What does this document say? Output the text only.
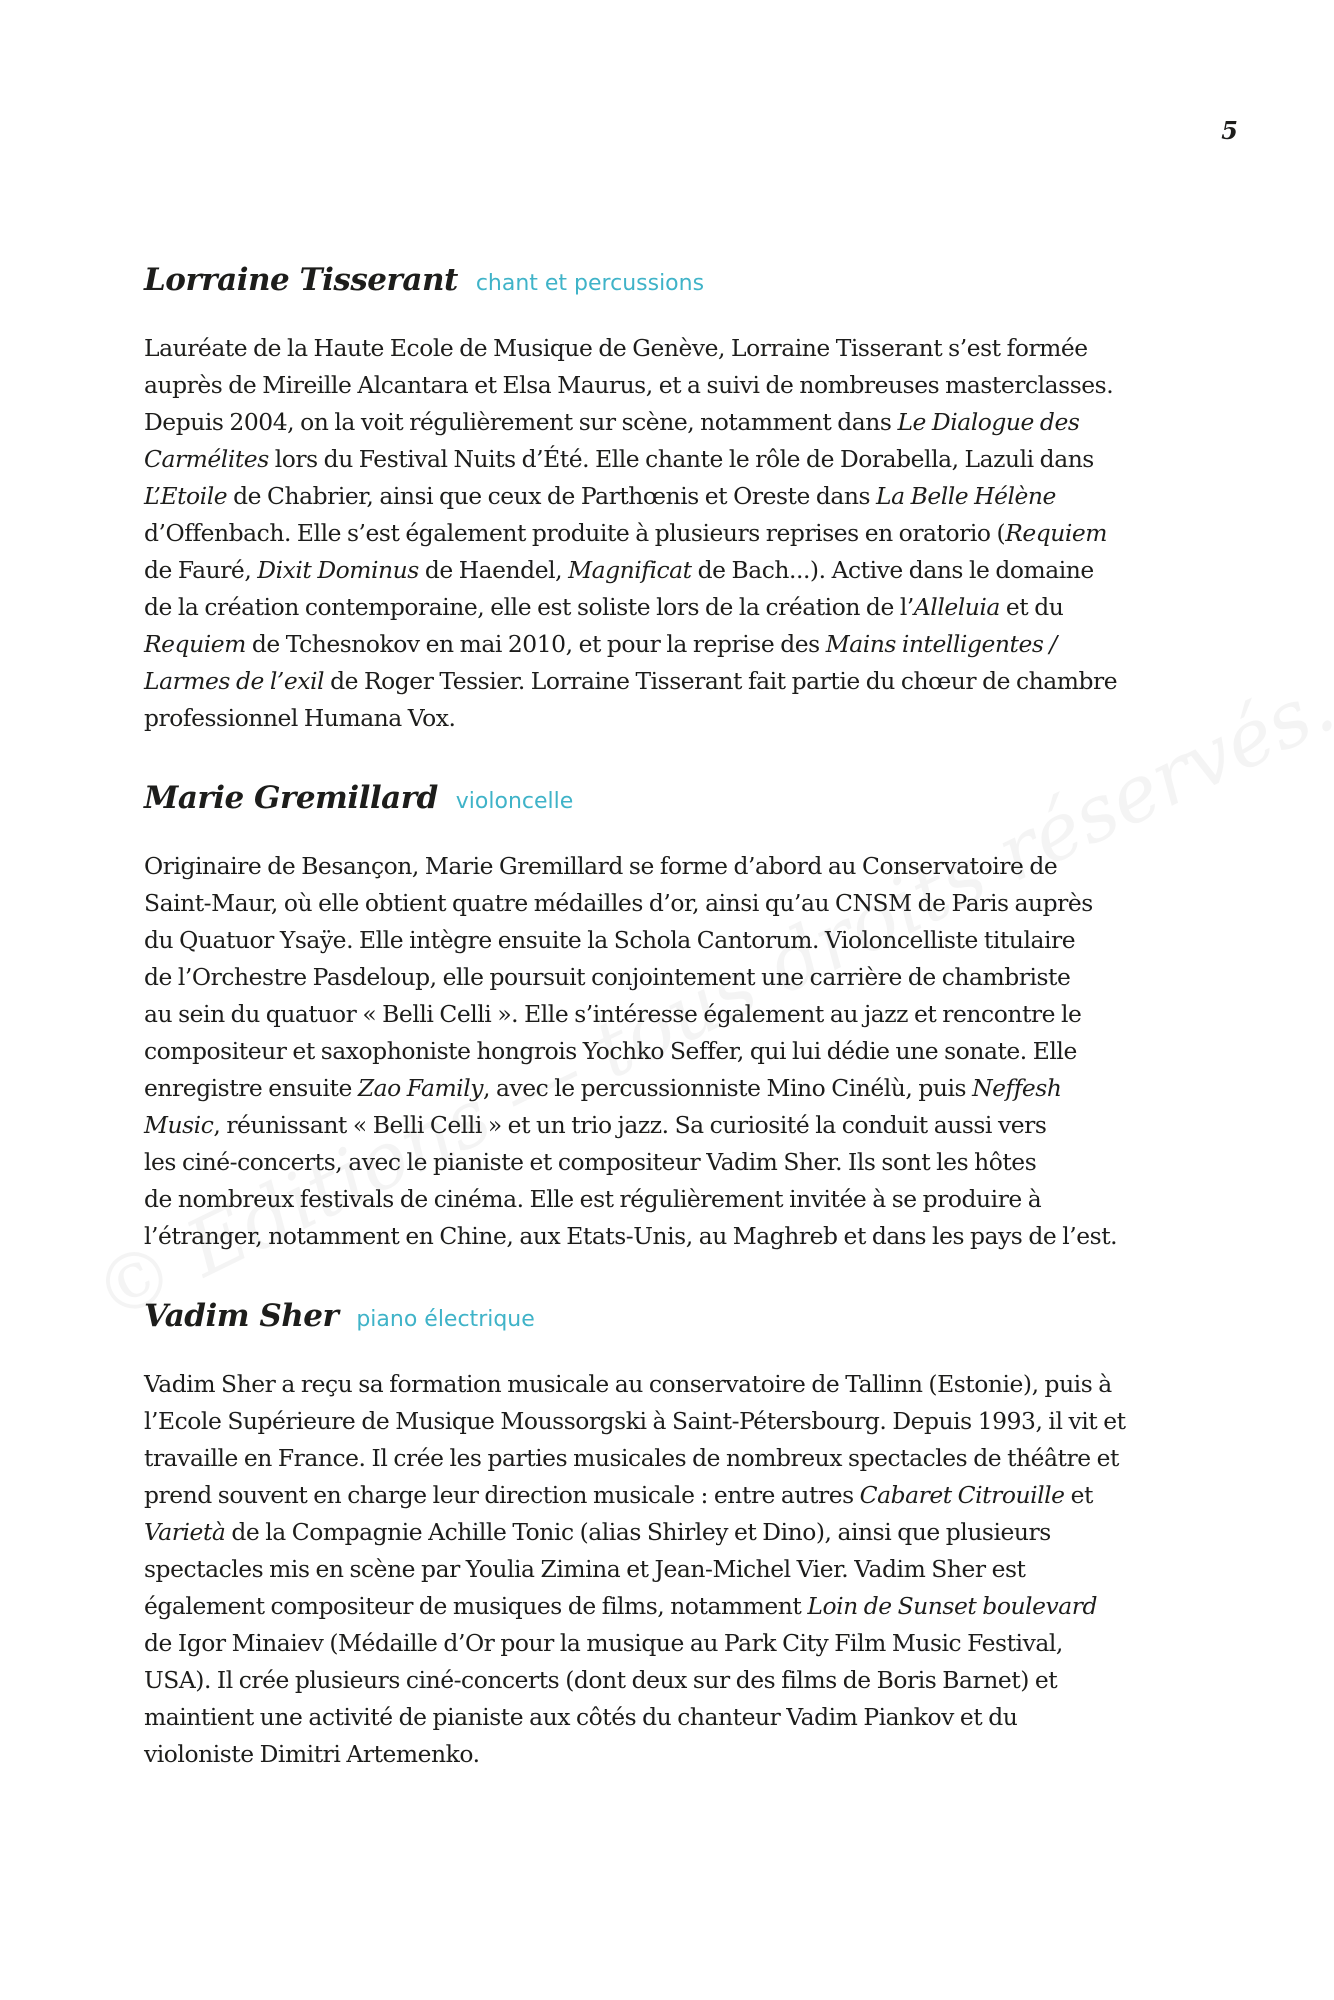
5
Lorraine Tisserant chant et percussions
Lauréate de la Haute Ecole de Musique de Genève, Lorraine Tisserant s’est formée
auprès de Mireille Alcantara et Elsa Maurus, et a suivi de nombreuses masterclasses.
Depuis 2004, on la voit régulièrement sur scène, notamment dans Le Dialogue des
Carmélites lors du Festival Nuits d’Été. Elle chante le rôle de Dorabella, Lazuli dans
L’Etoile de Chabrier, ainsi que ceux de Parthœnis et Oreste dans La Belle Hélène
d’Offenbach. Elle s’est également produite à plusieurs reprises en oratorio (Requiem
de Fauré, Dixit Dominus de Haendel, Magnificat de Bach...). Active dans le domaine
de la création contemporaine, elle est soliste lors de la création de l’Alleluia et du
Requiem de Tchesnokov en mai 2010, et pour la reprise des Mains intelligentes /
Larmes de l’exil de Roger Tessier. Lorraine Tisserant fait partie du chœur de chambre
professionnel Humana Vox.
Marie Gremillard violoncelle
Originaire de Besançon, Marie Gremillard se forme d’abord au Conservatoire de
Saint-Maur, où elle obtient quatre médailles d’or, ainsi qu’au CNSM de Paris auprès
du Quatuor Ysaÿe. Elle intègre ensuite la Schola Cantorum. Violoncelliste titulaire
de l’Orchestre Pasdeloup, elle poursuit conjointement une carrière de chambriste
au sein du quatuor « Belli Celli ». Elle s’intéresse également au jazz et rencontre le
compositeur et saxophoniste hongrois Yochko Seffer, qui lui dédie une sonate. Elle
enregistre ensuite Zao Family, avec le percussionniste Mino Cinélù, puis Neffesh
Music, réunissant « Belli Celli » et un trio jazz. Sa curiosité la conduit aussi vers
les ciné-concerts, avec le pianiste et compositeur Vadim Sher. Ils sont les hôtes
de nombreux festivals de cinéma. Elle est régulièrement invitée à se produire à
l’étranger, notamment en Chine, aux Etats-Unis, au Maghreb et dans les pays de l’est.
Vadim Sher piano électrique
Vadim Sher a reçu sa formation musicale au conservatoire de Tallinn (Estonie), puis à
l’Ecole Supérieure de Musique Moussorgski à Saint-Pétersbourg. Depuis 1993, il vit et
travaille en France. Il crée les parties musicales de nombreux spectacles de théâtre et
prend souvent en charge leur direction musicale : entre autres Cabaret Citrouille et
Varietà de la Compagnie Achille Tonic (alias Shirley et Dino), ainsi que plusieurs
spectacles mis en scène par Youlia Zimina et Jean-Michel Vier. Vadim Sher est
également compositeur de musiques de films, notamment Loin de Sunset boulevard
de Igor Minaiev (Médaille d’Or pour la musique au Park City Film Music Festival,
USA). Il crée plusieurs ciné-concerts (dont deux sur des films de Boris Barnet) et
maintient une activité de pianiste aux côtés du chanteur Vadim Piankov et du
violoniste Dimitri Artemenko.
